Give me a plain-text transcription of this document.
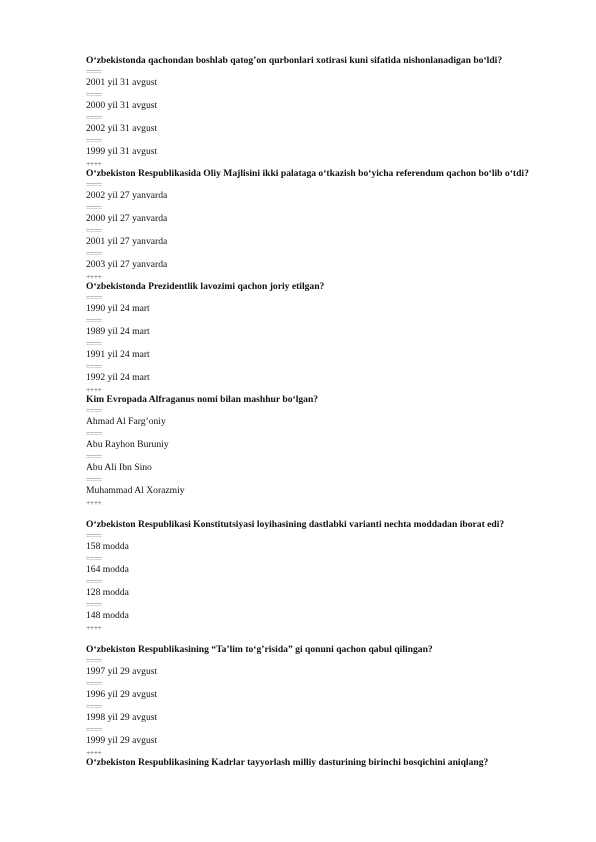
O‘zbekistonda qachondan boshlab qatog’on qurbonlari xotirasi kuni sifatida nishonlanadigan bo‘ldi?
====
2001 yil 31 avgust
====
2000 yil 31 avgust
====
2002 yil 31 avgust
====
1999 yil 31 avgust
++++
O‘zbekiston Respublikasida Oliy Majlisini ikki palataga o‘tkazish bo‘yicha referendum qachon bo‘lib o‘tdi?
====
2002 yil 27 yanvarda
====
2000 yil 27 yanvarda
====
2001 yil 27 yanvarda
====
2003 yil 27 yanvarda
++++
O‘zbekistonda Prezidentlik lavozimi qachon joriy etilgan?
====
1990 yil 24 mart
====
1989 yil 24 mart
====
1991 yil 24 mart
====
1992 yil 24 mart
++++
Kim Evropada Alfraganus nomi bilan mashhur bo‘lgan?
====
Ahmad Al Farg’oniy
====
Abu Rayhon Buruniy
====
Abu Ali Ibn Sino
====
Muhammad Al Xorazmiy
++++
O‘zbekiston Respublikasi Konstitutsiyasi loyihasining dastlabki varianti nechta moddadan iborat edi?
====
158 modda
====
164 modda
====
128 modda
====
148 modda
++++
O‘zbekiston Respublikasining “Ta’lim to‘g’risida” gi qonuni qachon qabul qilingan?
====
1997 yil 29 avgust
====
1996 yil 29 avgust
====
1998 yil 29 avgust
====
1999 yil 29 avgust
++++
O‘zbekiston Respublikasining Kadrlar tayyorlash milliy dasturining birinchi bosqichini aniqlang?
